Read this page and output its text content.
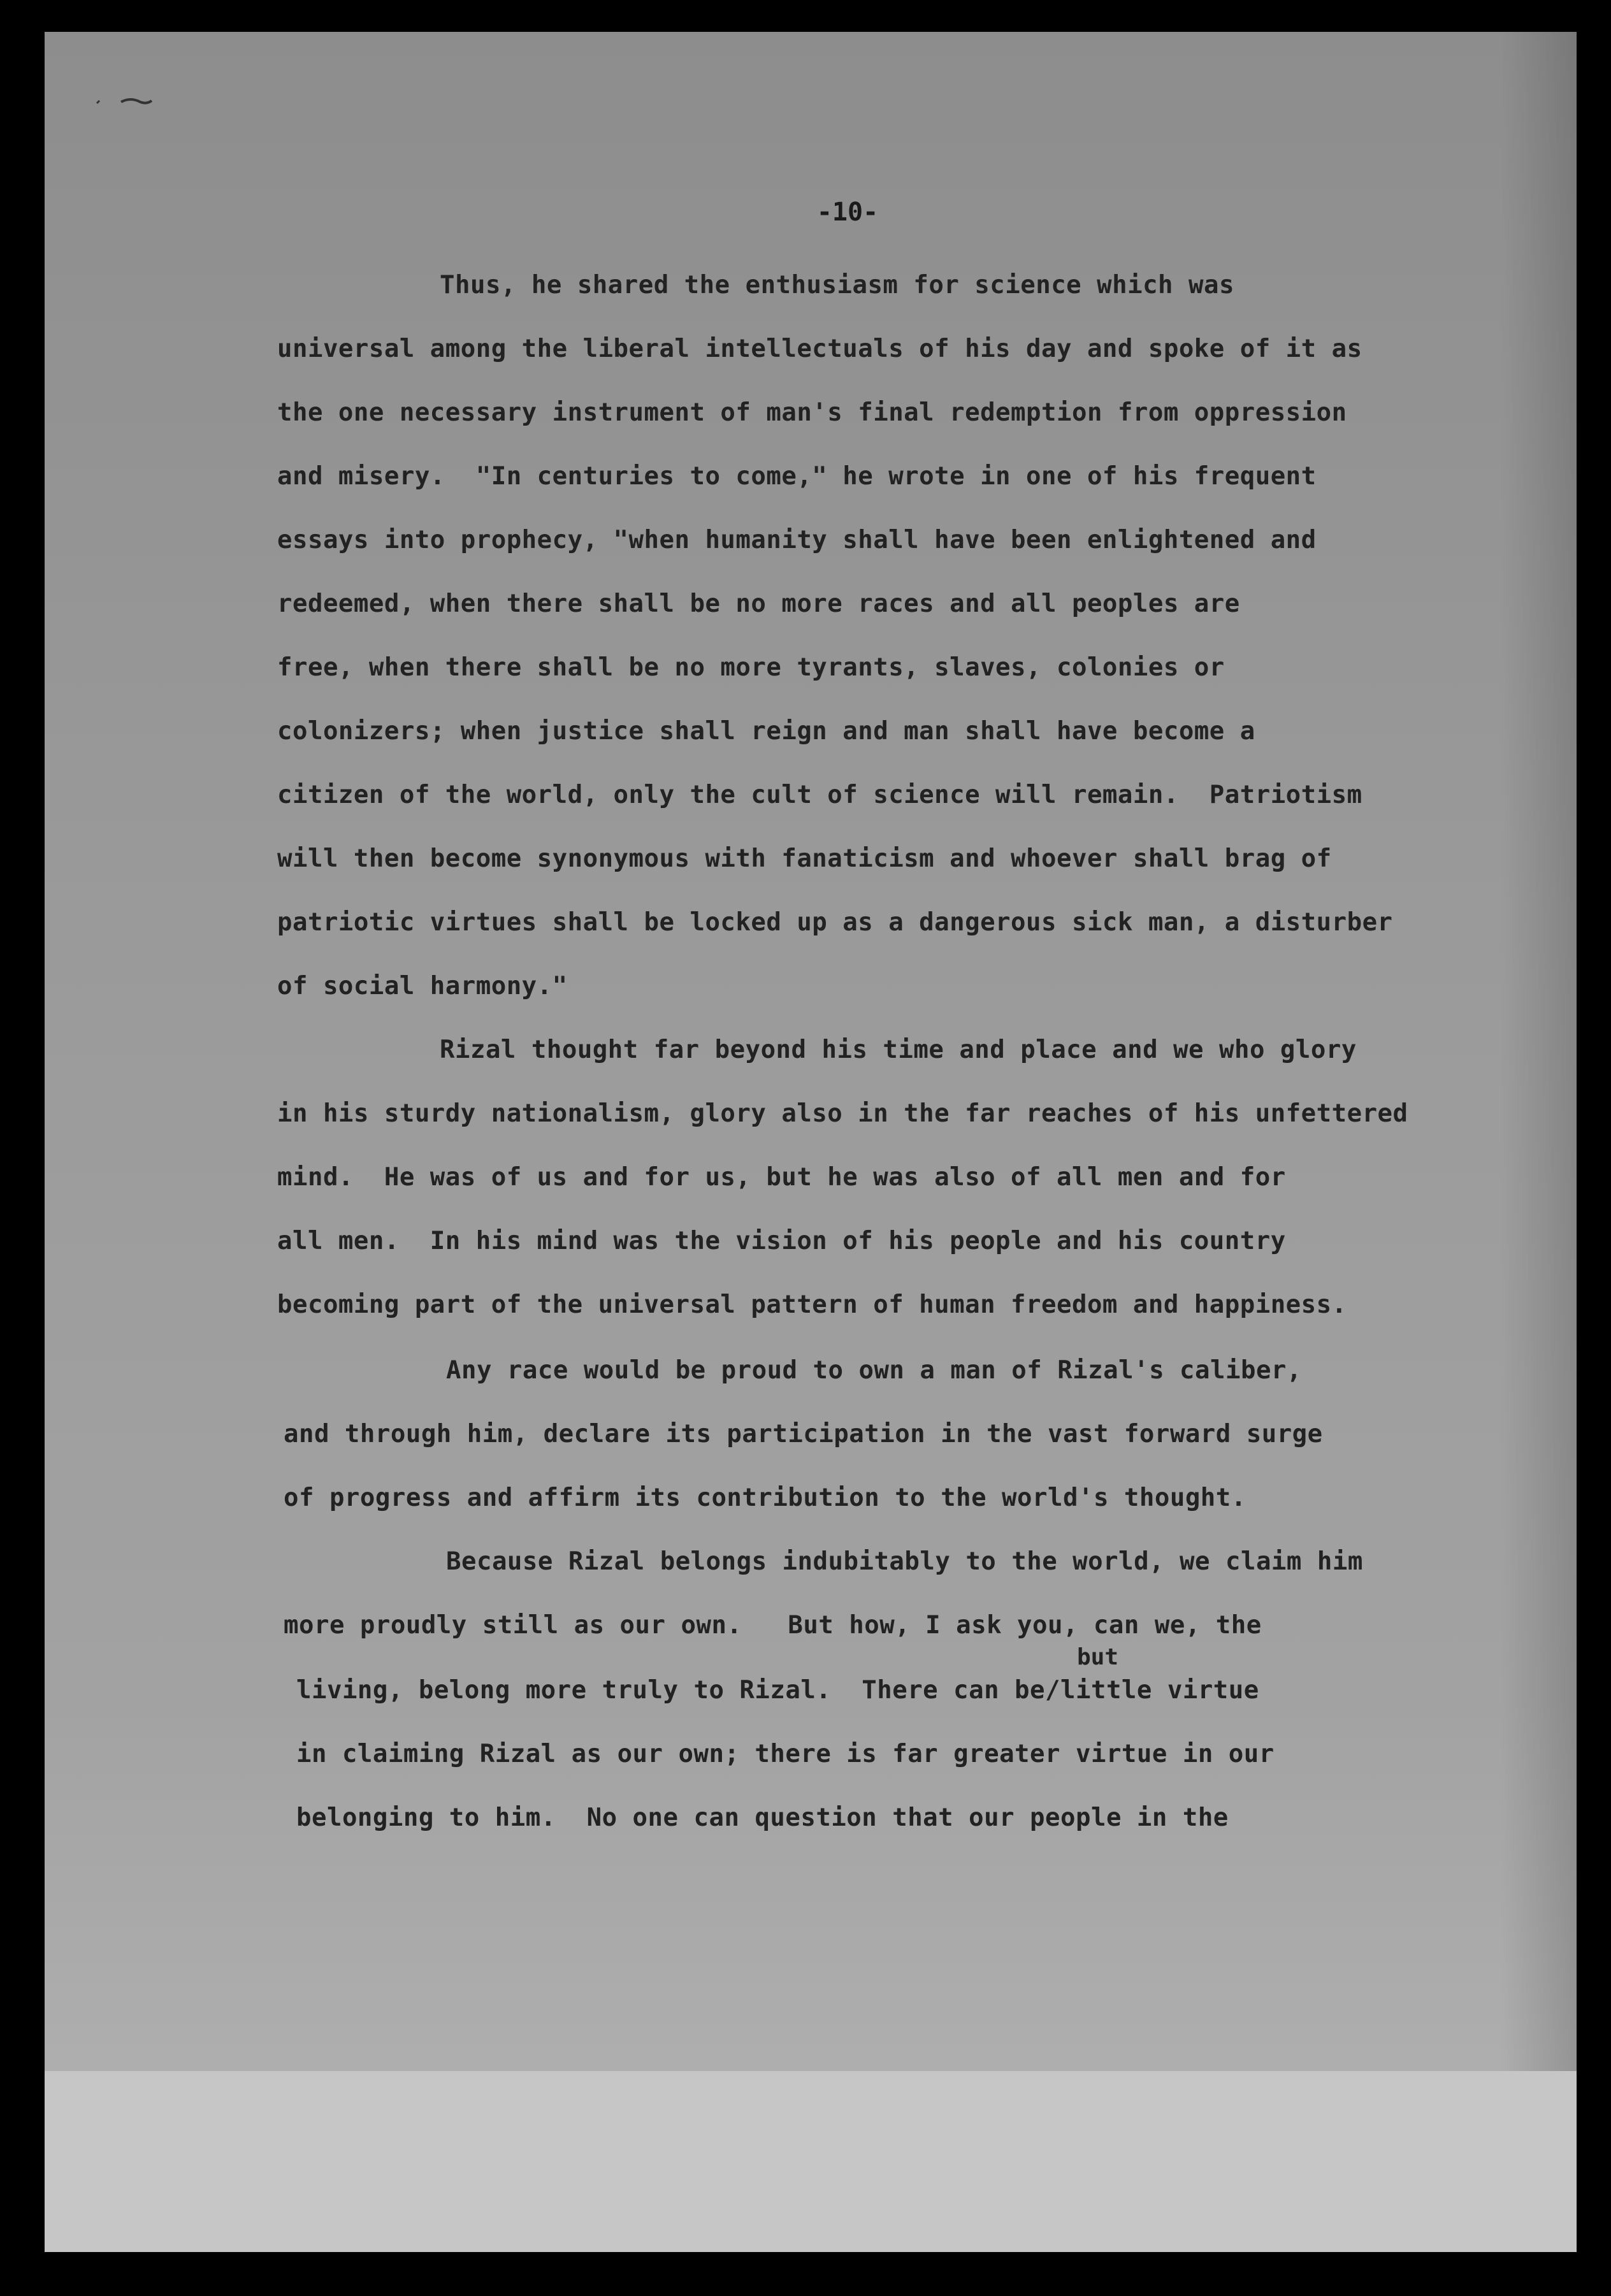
-10-
Thus, he shared the enthusiasm for science which was
universal among the liberal intellectuals of his day and spoke of it as
the one necessary instrument of man's final redemption from oppression
and misery.  "In centuries to come," he wrote in one of his frequent
essays into prophecy, "when humanity shall have been enlightened and
redeemed, when there shall be no more races and all peoples are
free, when there shall be no more tyrants, slaves, colonies or
colonizers; when justice shall reign and man shall have become a
citizen of the world, only the cult of science will remain.  Patriotism
will then become synonymous with fanaticism and whoever shall brag of
patriotic virtues shall be locked up as a dangerous sick man, a disturber
of social harmony."
Rizal thought far beyond his time and place and we who glory
in his sturdy nationalism, glory also in the far reaches of his unfettered
mind.  He was of us and for us, but he was also of all men and for
all men.  In his mind was the vision of his people and his country
becoming part of the universal pattern of human freedom and happiness.
Any race would be proud to own a man of Rizal's caliber,
and through him, declare its participation in the vast forward surge
of progress and affirm its contribution to the world's thought.
Because Rizal belongs indubitably to the world, we claim him
more proudly still as our own.   But how, I ask you, can we, the
but
living, belong more truly to Rizal.  There can be/little virtue
in claiming Rizal as our own; there is far greater virtue in our
belonging to him.  No one can question that our people in the
